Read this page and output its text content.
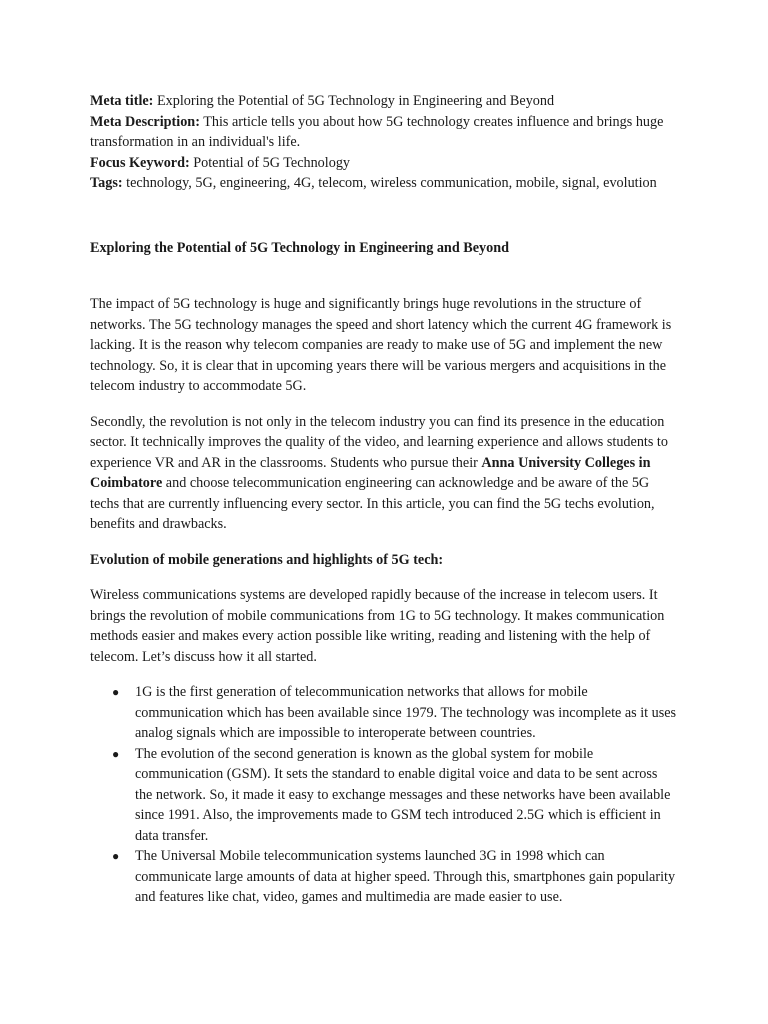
Meta title: Exploring the Potential of 5G Technology in Engineering and Beyond

Meta Description: This article tells you about how 5G technology creates influence and brings huge transformation in an individual's life.

Focus Keyword: Potential of 5G Technology

Tags: technology, 5G, engineering, 4G, telecom, wireless communication, mobile, signal, evolution

Exploring the Potential of 5G Technology in Engineering and Beyond

The impact of 5G technology is huge and significantly brings huge revolutions in the structure of networks. The 5G technology manages the speed and short latency which the current 4G framework is lacking. It is the reason why telecom companies are ready to make use of 5G and implement the new technology. So, it is clear that in upcoming years there will be various mergers and acquisitions in the telecom industry to accommodate 5G.

Secondly, the revolution is not only in the telecom industry you can find its presence in the education sector. It technically improves the quality of the video, and learning experience and allows students to experience VR and AR in the classrooms. Students who pursue their Anna University Colleges in Coimbatore and choose telecommunication engineering can acknowledge and be aware of the 5G techs that are currently influencing every sector. In this article, you can find the 5G techs evolution, benefits and drawbacks.

Evolution of mobile generations and highlights of 5G tech:

Wireless communications systems are developed rapidly because of the increase in telecom users. It brings the revolution of mobile communications from 1G to 5G technology. It makes communication methods easier and makes every action possible like writing, reading and listening with the help of telecom. Let’s discuss how it all started.

● 1G is the first generation of telecommunication networks that allows for mobile communication which has been available since 1979. The technology was incomplete as it uses analog signals which are impossible to interoperate between countries.
● The evolution of the second generation is known as the global system for mobile communication (GSM). It sets the standard to enable digital voice and data to be sent across the network. So, it made it easy to exchange messages and these networks have been available since 1991. Also, the improvements made to GSM tech introduced 2.5G which is efficient in data transfer.
● The Universal Mobile telecommunication systems launched 3G in 1998 which can communicate large amounts of data at higher speed. Through this, smartphones gain popularity and features like chat, video, games and multimedia are made easier to use.
